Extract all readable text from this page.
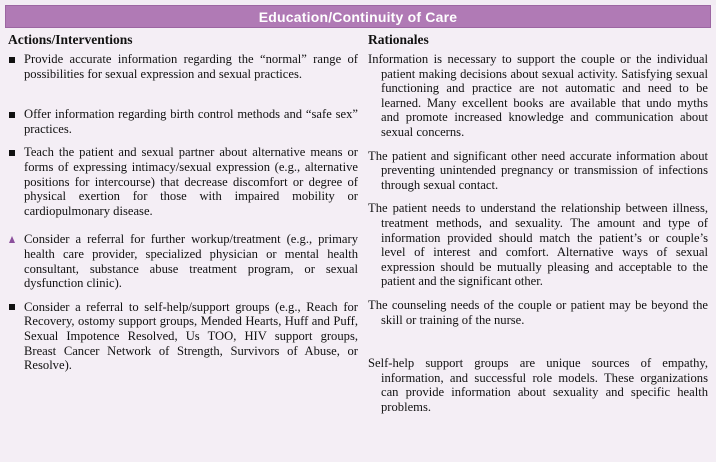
Education/Continuity of Care
Actions/Interventions
Provide accurate information regarding the “normal” range of possibilities for sexual expression and sexual practices.
Offer information regarding birth control methods and “safe sex” practices.
Teach the patient and sexual partner about alternative means or forms of expressing intimacy/sexual expression (e.g., alternative positions for intercourse) that decrease discomfort or degree of physical exertion for those with impaired mobility or cardiopulmonary disease.
Consider a referral for further workup/treatment (e.g., primary health care provider, specialized physician or mental health consultant, substance abuse treatment program, or sexual dysfunction clinic).
Consider a referral to self-help/support groups (e.g., Reach for Recovery, ostomy support groups, Mended Hearts, Huff and Puff, Sexual Impotence Resolved, Us TOO, HIV support groups, Breast Cancer Network of Strength, Survivors of Abuse, or Resolve).
Rationales
Information is necessary to support the couple or the individual patient making decisions about sexual activity. Satisfying sexual functioning and practice are not automatic and need to be learned. Many excellent books are available that undo myths and promote increased knowledge and communication about sexual concerns.
The patient and significant other need accurate information about preventing unintended pregnancy or transmission of infections through sexual contact.
The patient needs to understand the relationship between illness, treatment methods, and sexuality. The amount and type of information provided should match the patient’s or couple’s level of interest and comfort. Alternative ways of sexual expression should be mutually pleasing and acceptable to the patient and the significant other.
The counseling needs of the couple or patient may be beyond the skill or training of the nurse.
Self-help support groups are unique sources of empathy, information, and successful role models. These organizations can provide information about sexuality and specific health problems.
